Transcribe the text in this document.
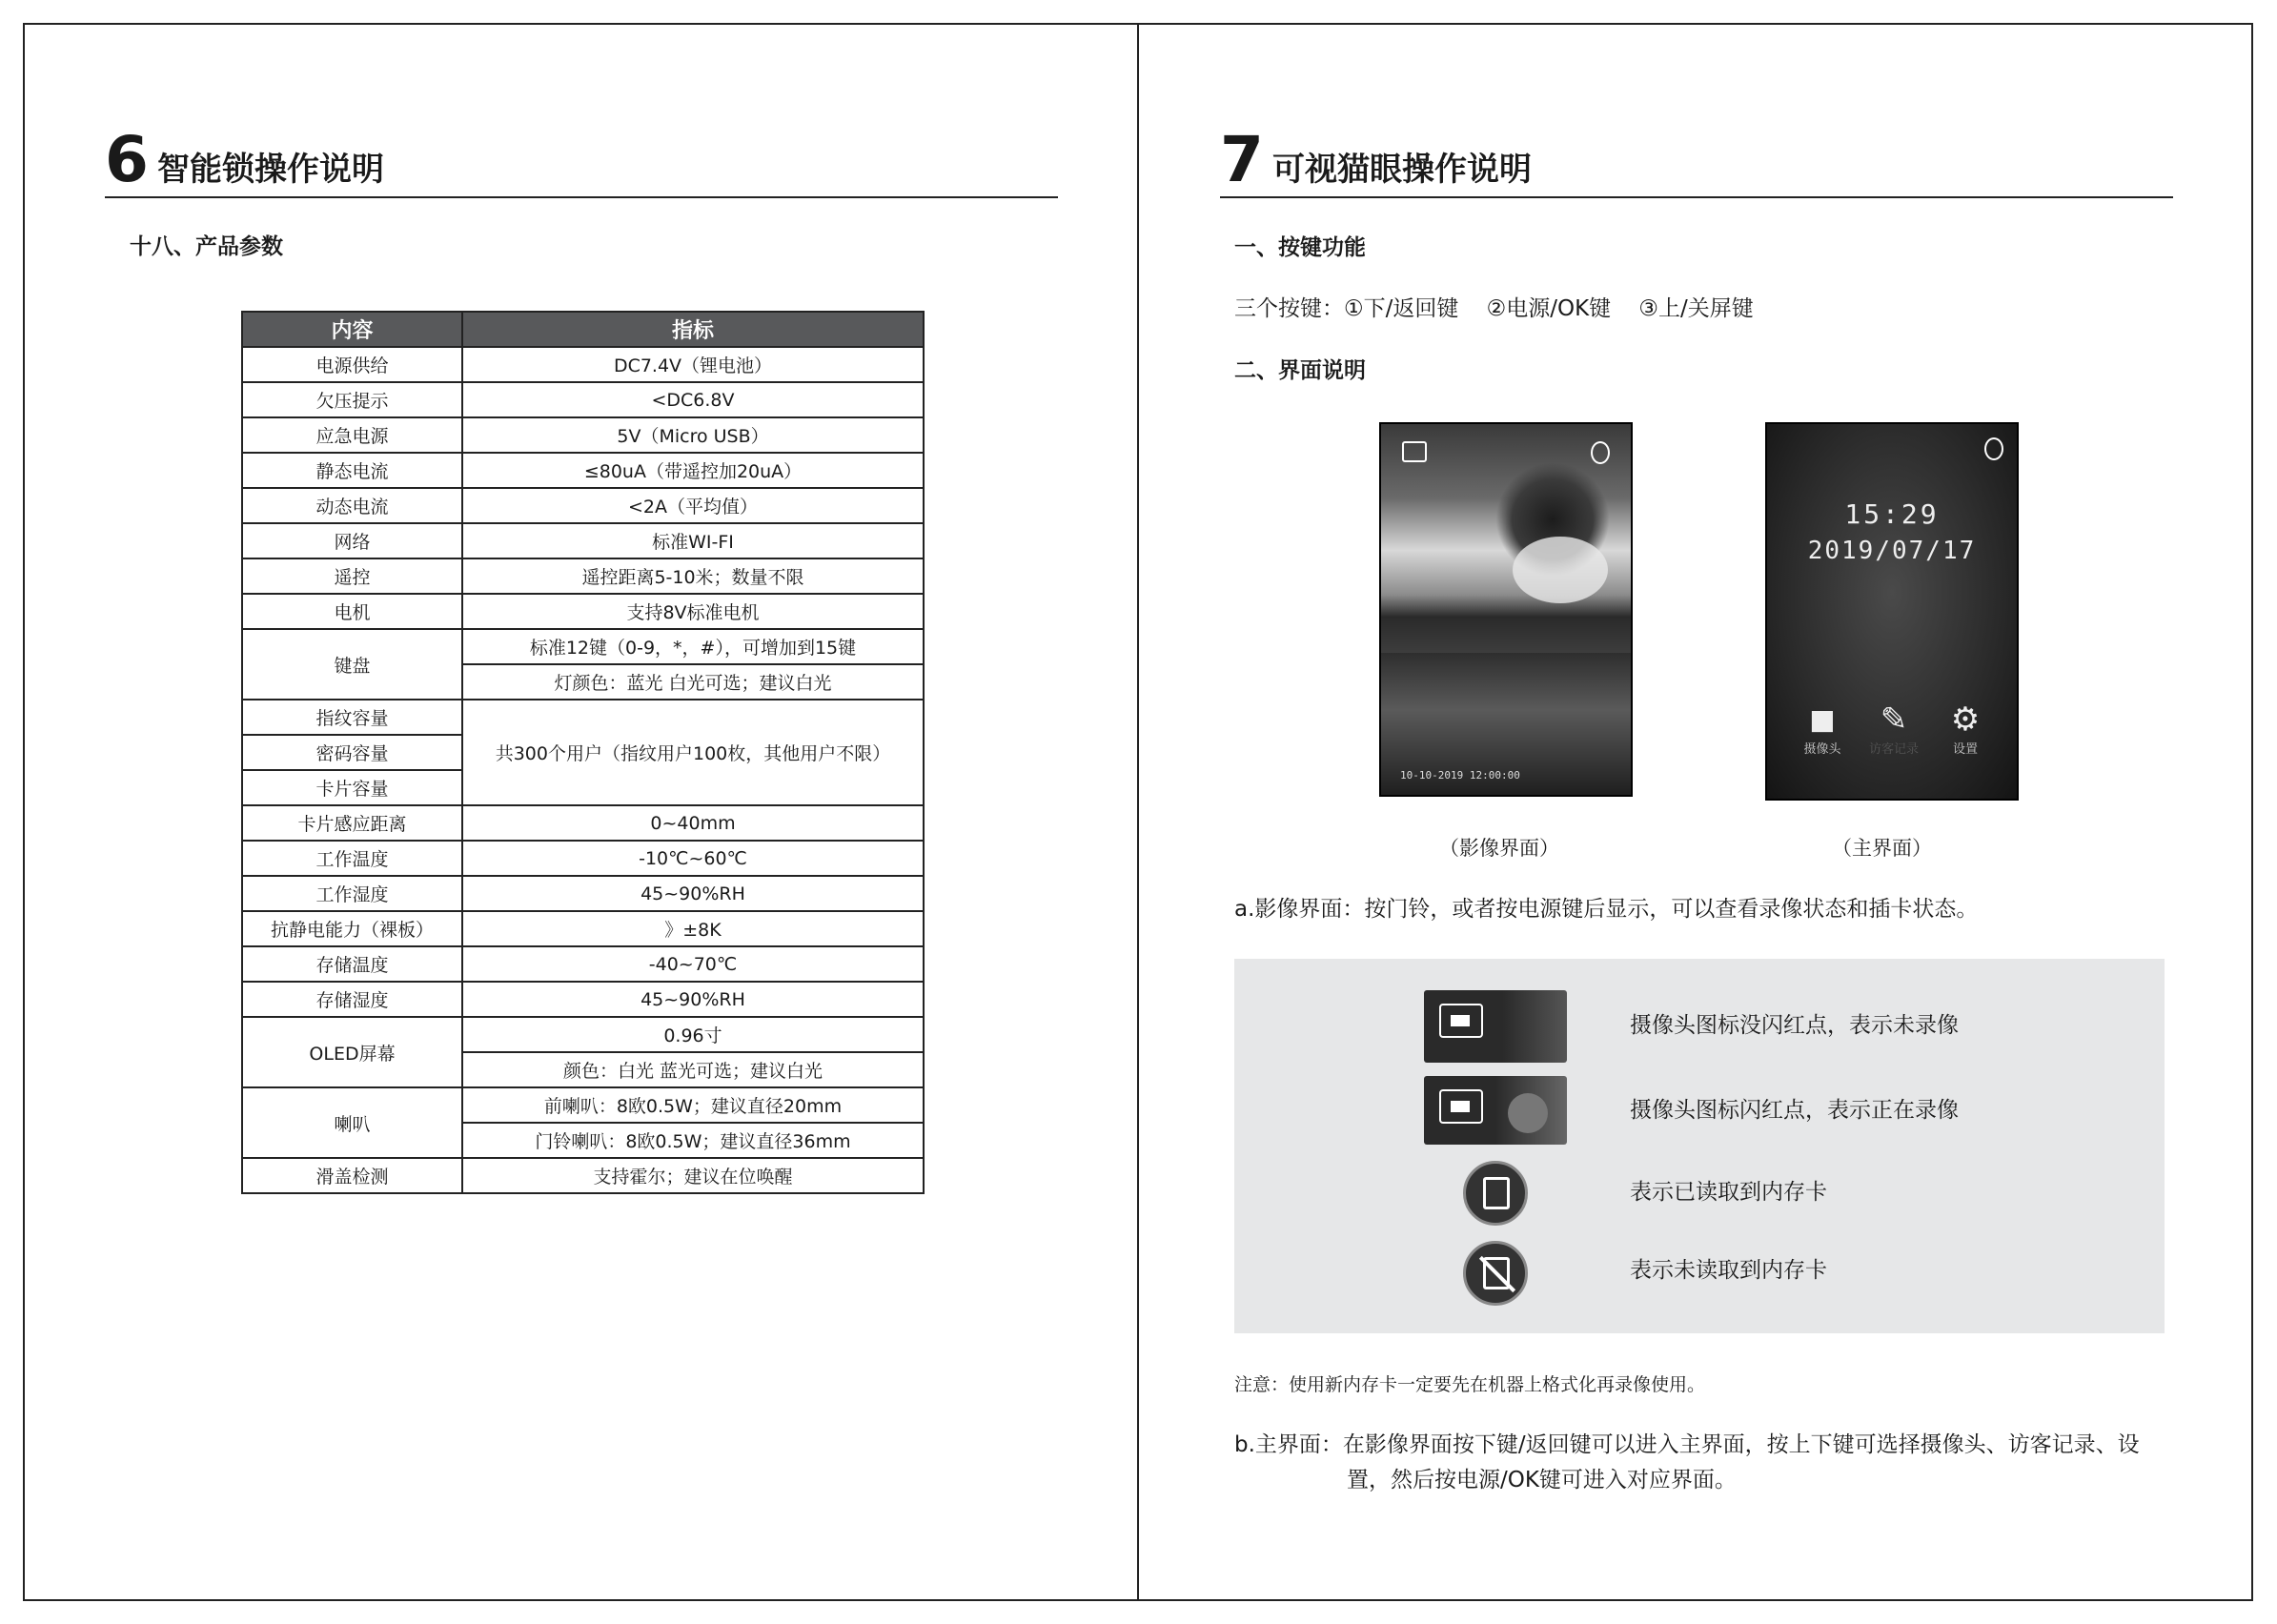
6 智能锁操作说明
十八、产品参数
内容	指标
电源供给	DC7.4V（锂电池）
欠压提示	<DC6.8V
应急电源	5V（Micro USB）
静态电流	≤80uA（带遥控加20uA）
动态电流	<2A（平均值）
网络	标准WI-FI
遥控	遥控距离5-10米；数量不限
电机	支持8V标准电机
键盘	标准12键（0-9，*，#），可增加到15键
	灯颜色：蓝光 白光可选；建议白光
指纹容量	共300个用户（指纹用户100枚，其他用户不限）
密码容量	
卡片容量	
卡片感应距离	0~40mm
工作温度	-10℃~60℃
工作湿度	45~90%RH
抗静电能力（裸板）	》±8K
存储温度	-40~70℃
存储湿度	45~90%RH
OLED屏幕	0.96寸
	颜色：白光 蓝光可选；建议白光
喇叭	前喇叭：8欧0.5W；建议直径20mm
	门铃喇叭：8欧0.5W；建议直径36mm
滑盖检测	支持霍尔；建议在位唤醒
7 可视猫眼操作说明
一、按键功能
三个按键：①下/返回键    ②电源/OK键    ③上/关屏键
二、界面说明
10-10-2019 12:00:00
（影像界面）
15:29
2019/07/17
◼
摄像头
✎
访客记录
⚙
设置
（主界面）
a.影像界面：按门铃，或者按电源键后显示，可以查看录像状态和插卡状态。
摄像头图标没闪红点，表示未录像
摄像头图标闪红点，表示正在录像
表示已读取到内存卡
表示未读取到内存卡
注意：使用新内存卡一定要先在机器上格式化再录像使用。
b.主界面：在影像界面按下键/返回键可以进入主界面，按上下键可选择摄像头、访客记录、设
置，然后按电源/OK键可进入对应界面。
